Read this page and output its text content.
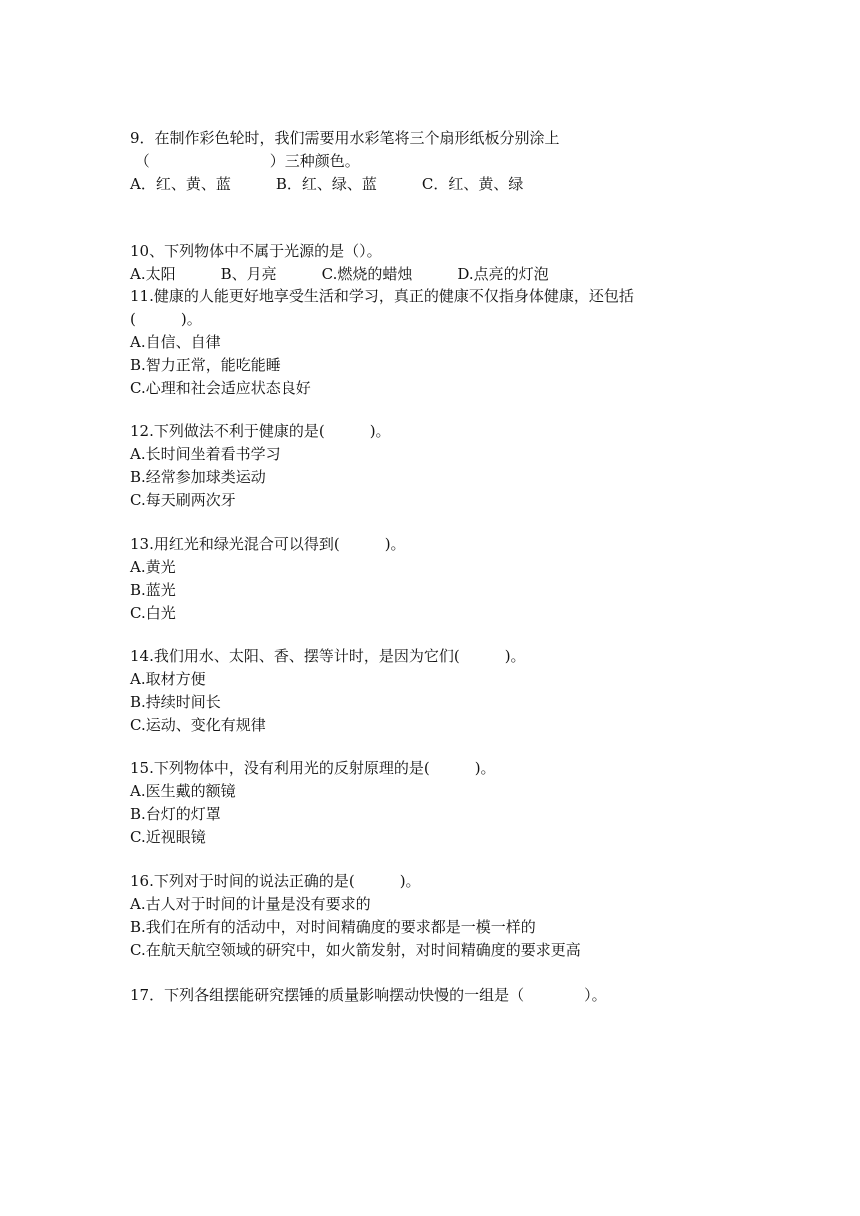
9．在制作彩色轮时，我们需要用水彩笔将三个扇形纸板分别涂上
（　　　　　　　　）三种颜色。
A．红、黄、蓝　　　B．红、绿、蓝　　　C．红、黄、绿
10、下列物体中不属于光源的是（）。
A.太阳　　　B、月亮　　　C.燃烧的蜡烛　　　D.点亮的灯泡
11.健康的人能更好地享受生活和学习，真正的健康不仅指身体健康，还包括
(　　　)。
A.自信、自律
B.智力正常，能吃能睡
C.心理和社会适应状态良好
12.下列做法不利于健康的是(　　　)。
A.长时间坐着看书学习
B.经常参加球类运动
C.每天刷两次牙
13.用红光和绿光混合可以得到(　　　)。
A.黄光
B.蓝光
C.白光
14.我们用水、太阳、香、摆等计时，是因为它们(　　　)。
A.取材方便
B.持续时间长
C.运动、变化有规律
15.下列物体中，没有利用光的反射原理的是(　　　)。
A.医生戴的额镜
B.台灯的灯罩
C.近视眼镜
16.下列对于时间的说法正确的是(　　　)。
A.古人对于时间的计量是没有要求的
B.我们在所有的活动中，对时间精确度的要求都是一模一样的
C.在航天航空领域的研究中，如火箭发射，对时间精确度的要求更高
17．下列各组摆能研究摆锤的质量影响摆动快慢的一组是（　　　　）。
